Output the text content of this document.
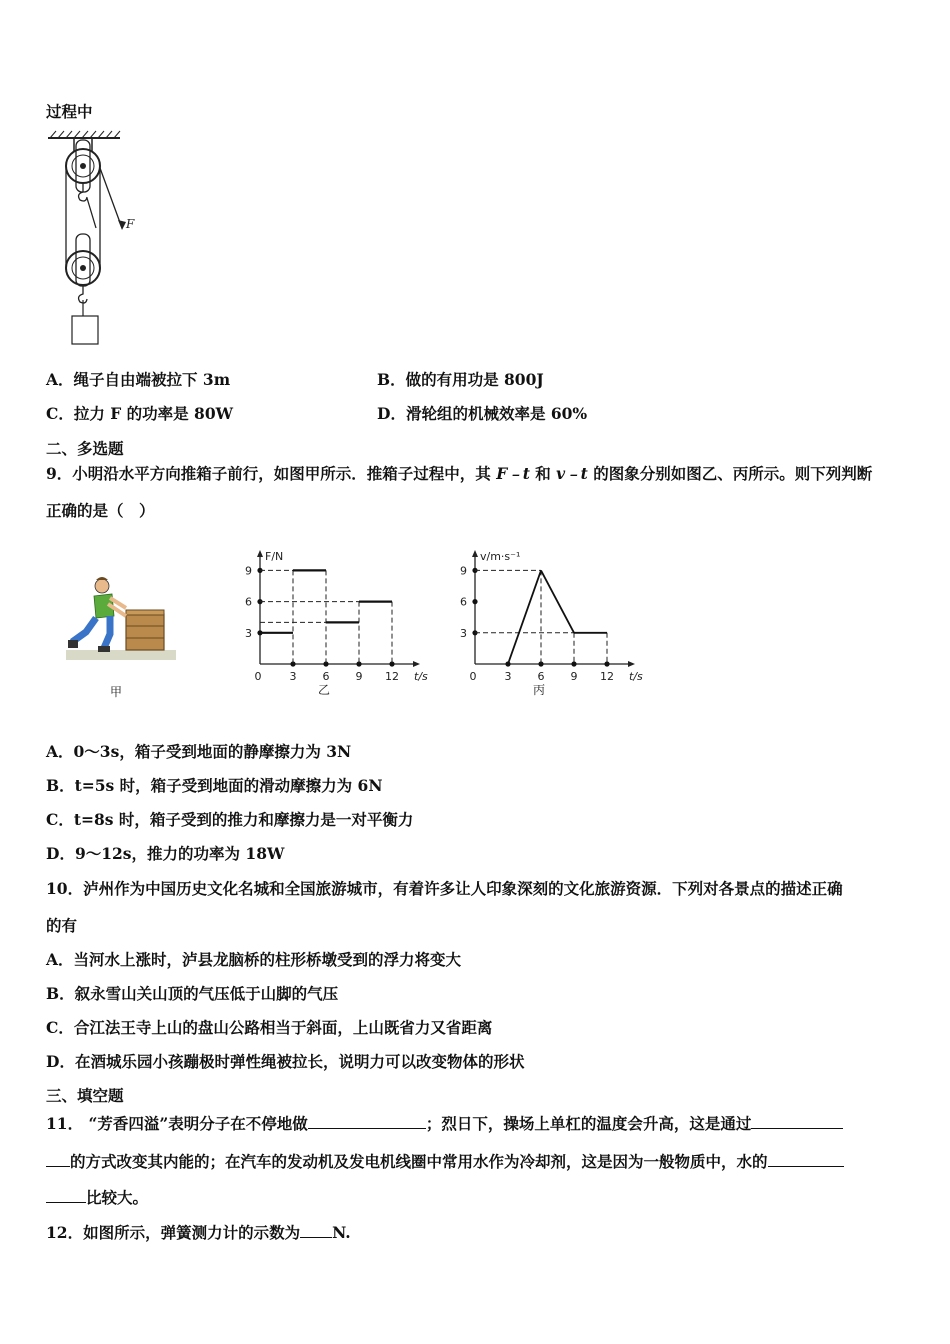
过程中
F
A．绳子自由端被拉下 3m	B．做的有用功是 800J
C．拉力 F 的功率是 80W	D．滑轮组的机械效率是 60%
二、多选题
9．小明沿水平方向推箱子前行，如图甲所示．推箱子过程中，其 F﹣t 和 v﹣t 的图象分别如图乙、丙所示。则下列判断
正确的是（　）
甲
F/N
t/s
0	3 6 9 12
3
6
9
乙
v/m·s⁻¹
t/s
0	3 6 9 12
3
6
9
丙
A．0～3s，箱子受到地面的静摩擦力为 3N
B．t=5s 时，箱子受到地面的滑动摩擦力为 6N
C．t=8s 时，箱子受到的推力和摩擦力是一对平衡力
D．9～12s，推力的功率为 18W
10．泸州作为中国历史文化名城和全国旅游城市，有着许多让人印象深刻的文化旅游资源．下列对各景点的描述正确
的有
A．当河水上涨时，泸县龙脑桥的柱形桥墩受到的浮力将变大
B．叙永雪山关山顶的气压低于山脚的气压
C．合江法王寺上山的盘山公路相当于斜面，上山既省力又省距离
D．在酒城乐园小孩蹦极时弹性绳被拉长，说明力可以改变物体的形状
三、填空题
11． “芳香四溢”表明分子在不停地做	；烈日下，操场上单杠的温度会升高，这是通过
的方式改变其内能的；在汽车的发动机及发电机线圈中常用水作为冷却剂，这是因为一般物质中，水的
比较大。
12．如图所示，弹簧测力计的示数为 N.
